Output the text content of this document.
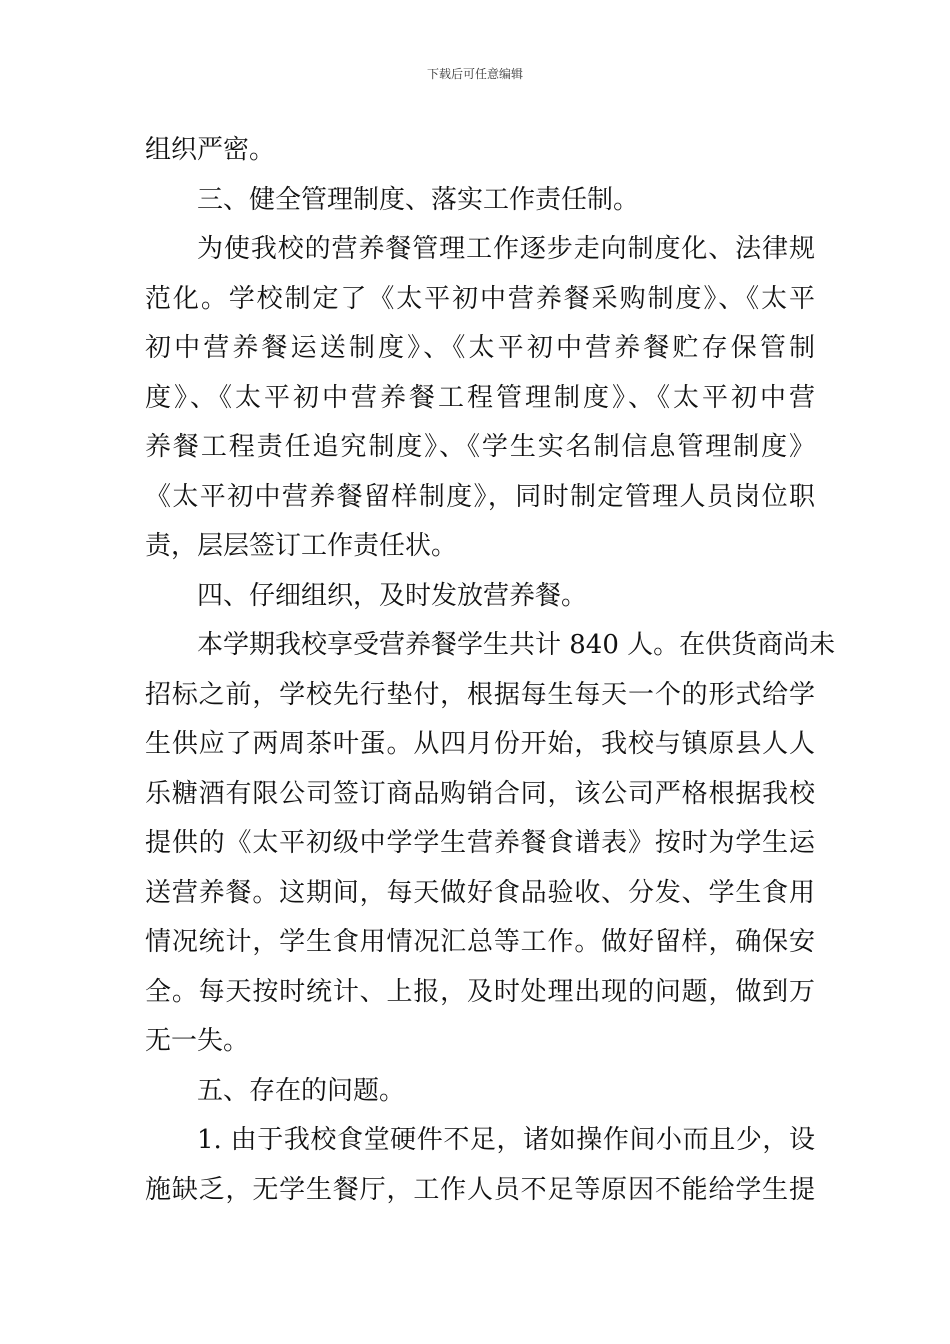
下载后可任意编辑
组织严密。
三、健全管理制度、落实工作责任制。
为使我校的营养餐管理工作逐步走向制度化、法律规
范化。学校制定了《太平初中营养餐采购制度》、《太平
初中营养餐运送制度》、《太平初中营养餐贮存保管制
度》、《太平初中营养餐工程管理制度》、《太平初中营
养餐工程责任追究制度》、《学生实名制信息管理制度》
《太平初中营养餐留样制度》，同时制定管理人员岗位职
责，层层签订工作责任状。
四、仔细组织，及时发放营养餐。
本学期我校享受营养餐学生共计 840 人。在供货商尚未
招标之前，学校先行垫付，根据每生每天一个的形式给学
生供应了两周茶叶蛋。从四月份开始，我校与镇原县人人
乐糖酒有限公司签订商品购销合同，该公司严格根据我校
提供的《太平初级中学学生营养餐食谱表》按时为学生运
送营养餐。这期间，每天做好食品验收、分发、学生食用
情况统计，学生食用情况汇总等工作。做好留样，确保安
全。每天按时统计、上报，及时处理出现的问题，做到万
无一失。
五、存在的问题。
1. 由于我校食堂硬件不足，诸如操作间小而且少，设
施缺乏，无学生餐厅，工作人员不足等原因不能给学生提
